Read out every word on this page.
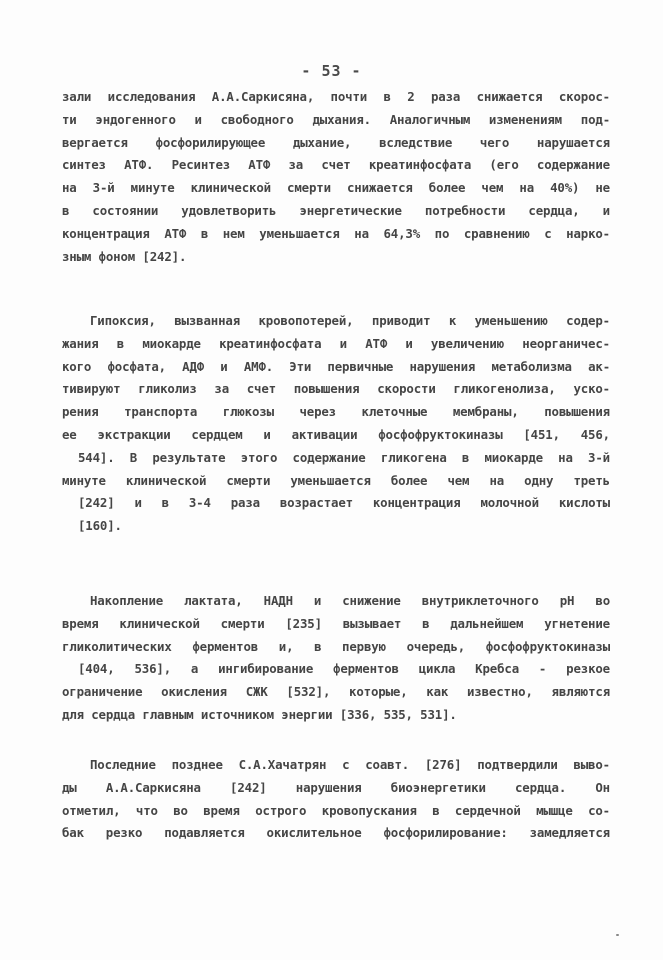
- 53 -
зали исследования А.А.Саркисяна, почти в 2 раза снижается скорос-
ти эндогенного и свободного дыхания. Аналогичным изменениям под-
вергается фосфорилирующее дыхание, вследствие чего нарушается
синтез АТФ. Ресинтез АТФ за счет креатинфосфата (его содержание
на 3-й минуте клинической смерти снижается более чем на 40%) не
в состоянии удовлетворить энергетические потребности сердца, и
концентрация АТФ в нем уменьшается на 64,3% по сравнению с нарко-
зным фоном [242].
Гипоксия, вызванная кровопотерей, приводит к уменьшению содер-
жания в миокарде креатинфосфата и АТФ и увеличению неорганичес-
кого фосфата, АДФ и АМФ. Эти первичные нарушения метаболизма ак-
тивируют гликолиз за счет повышения скорости гликогенолиза, уско-
рения транспорта глюкозы через клеточные мембраны, повышения
ее экстракции сердцем и активации фосфофруктокиназы [451, 456,
544]. В результате этого содержание гликогена в миокарде на 3-й
минуте клинической смерти уменьшается более чем на одну треть
[242] и в 3-4 раза возрастает концентрация молочной кислоты
[160].
Накопление лактата, НАДН и снижение внутриклеточного рН во
время клинической смерти [235] вызывает в дальнейшем угнетение
гликолитических ферментов и, в первую очередь, фосфофруктокиназы
[404, 536], а ингибирование ферментов цикла Кребса - резкое
ограничение окисления СЖК [532], которые, как известно, являются
для сердца главным источником энергии [336, 535, 531].
Последние позднее С.А.Хачатрян с соавт. [276] подтвердили выво-
ды А.А.Саркисяна [242] нарушения биоэнергетики сердца. Он
отметил, что во время острого кровопускания в сердечной мышце со-
бак резко подавляется окислительное фосфорилирование: замедляется
